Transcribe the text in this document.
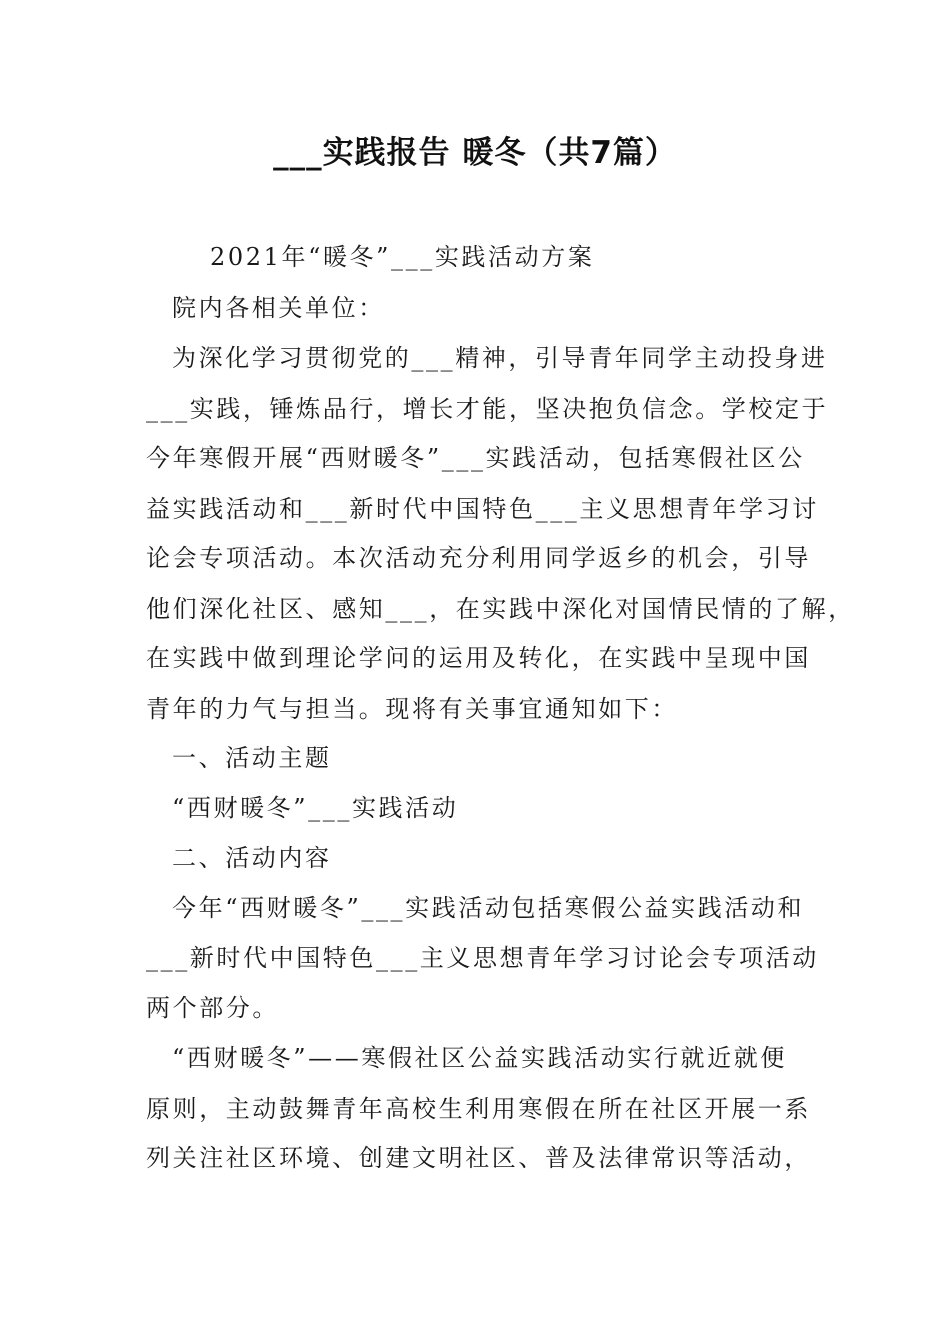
___实践报告 暖冬（共7篇）
2021年“暖冬”___实践活动方案
院内各相关单位：
为深化学习贯彻党的___精神，引导青年同学主动投身进
___实践，锤炼品行，增长才能，坚决抱负信念。学校定于
今年寒假开展“西财暖冬”___实践活动，包括寒假社区公
益实践活动和___新时代中国特色___主义思想青年学习讨
论会专项活动。本次活动充分利用同学返乡的机会，引导
他们深化社区、感知___，在实践中深化对国情民情的了解，
在实践中做到理论学问的运用及转化，在实践中呈现中国
青年的力气与担当。现将有关事宜通知如下：
一、活动主题
“西财暖冬”___实践活动
二、活动内容
今年“西财暖冬”___实践活动包括寒假公益实践活动和
___新时代中国特色___主义思想青年学习讨论会专项活动
两个部分。
“西财暖冬”——寒假社区公益实践活动实行就近就便
原则，主动鼓舞青年高校生利用寒假在所在社区开展一系
列关注社区环境、创建文明社区、普及法律常识等活动，
